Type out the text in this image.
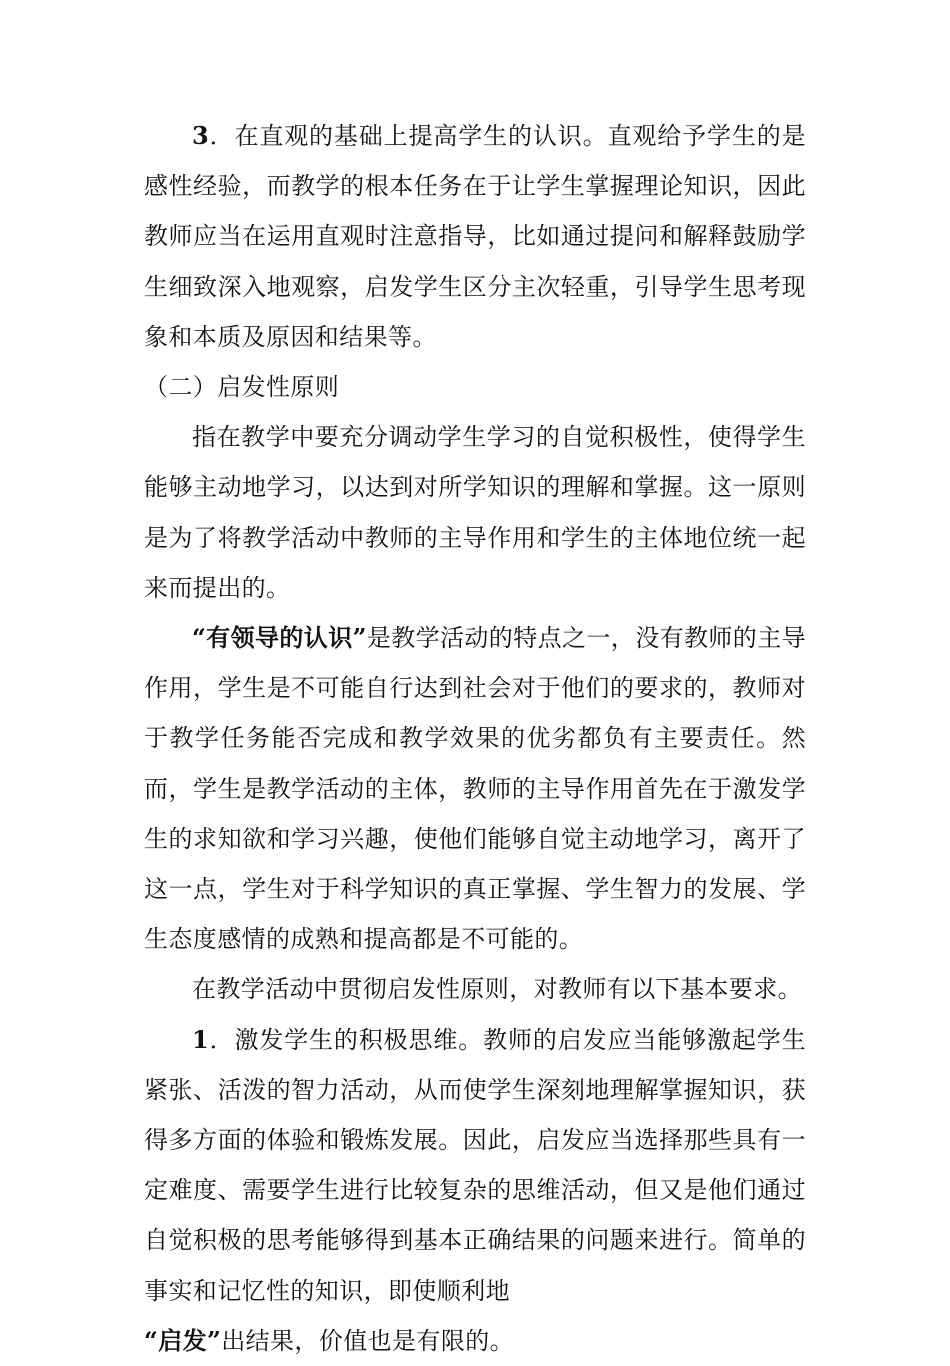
3．在直观的基础上提高学生的认识。直观给予学生的是感性经验，而教学的根本任务在于让学生掌握理论知识，因此教师应当在运用直观时注意指导，比如通过提问和解释鼓励学生细致深入地观察，启发学生区分主次轻重，引导学生思考现象和本质及原因和结果等。

（二）启发性原则

指在教学中要充分调动学生学习的自觉积极性，使得学生能够主动地学习，以达到对所学知识的理解和掌握。这一原则是为了将教学活动中教师的主导作用和学生的主体地位统一起来而提出的。

“有领导的认识”是教学活动的特点之一，没有教师的主导作用，学生是不可能自行达到社会对于他们的要求的，教师对于教学任务能否完成和教学效果的优劣都负有主要责任。然而，学生是教学活动的主体，教师的主导作用首先在于激发学生的求知欲和学习兴趣，使他们能够自觉主动地学习，离开了这一点，学生对于科学知识的真正掌握、学生智力的发展、学生态度感情的成熟和提高都是不可能的。

在教学活动中贯彻启发性原则，对教师有以下基本要求。

1．激发学生的积极思维。教师的启发应当能够激起学生紧张、活泼的智力活动，从而使学生深刻地理解掌握知识，获得多方面的体验和锻炼发展。因此，启发应当选择那些具有一定难度、需要学生进行比较复杂的思维活动，但又是他们通过自觉积极的思考能够得到基本正确结果的问题来进行。简单的事实和记忆性的知识，即使顺利地
“启发”出结果，价值也是有限的。
